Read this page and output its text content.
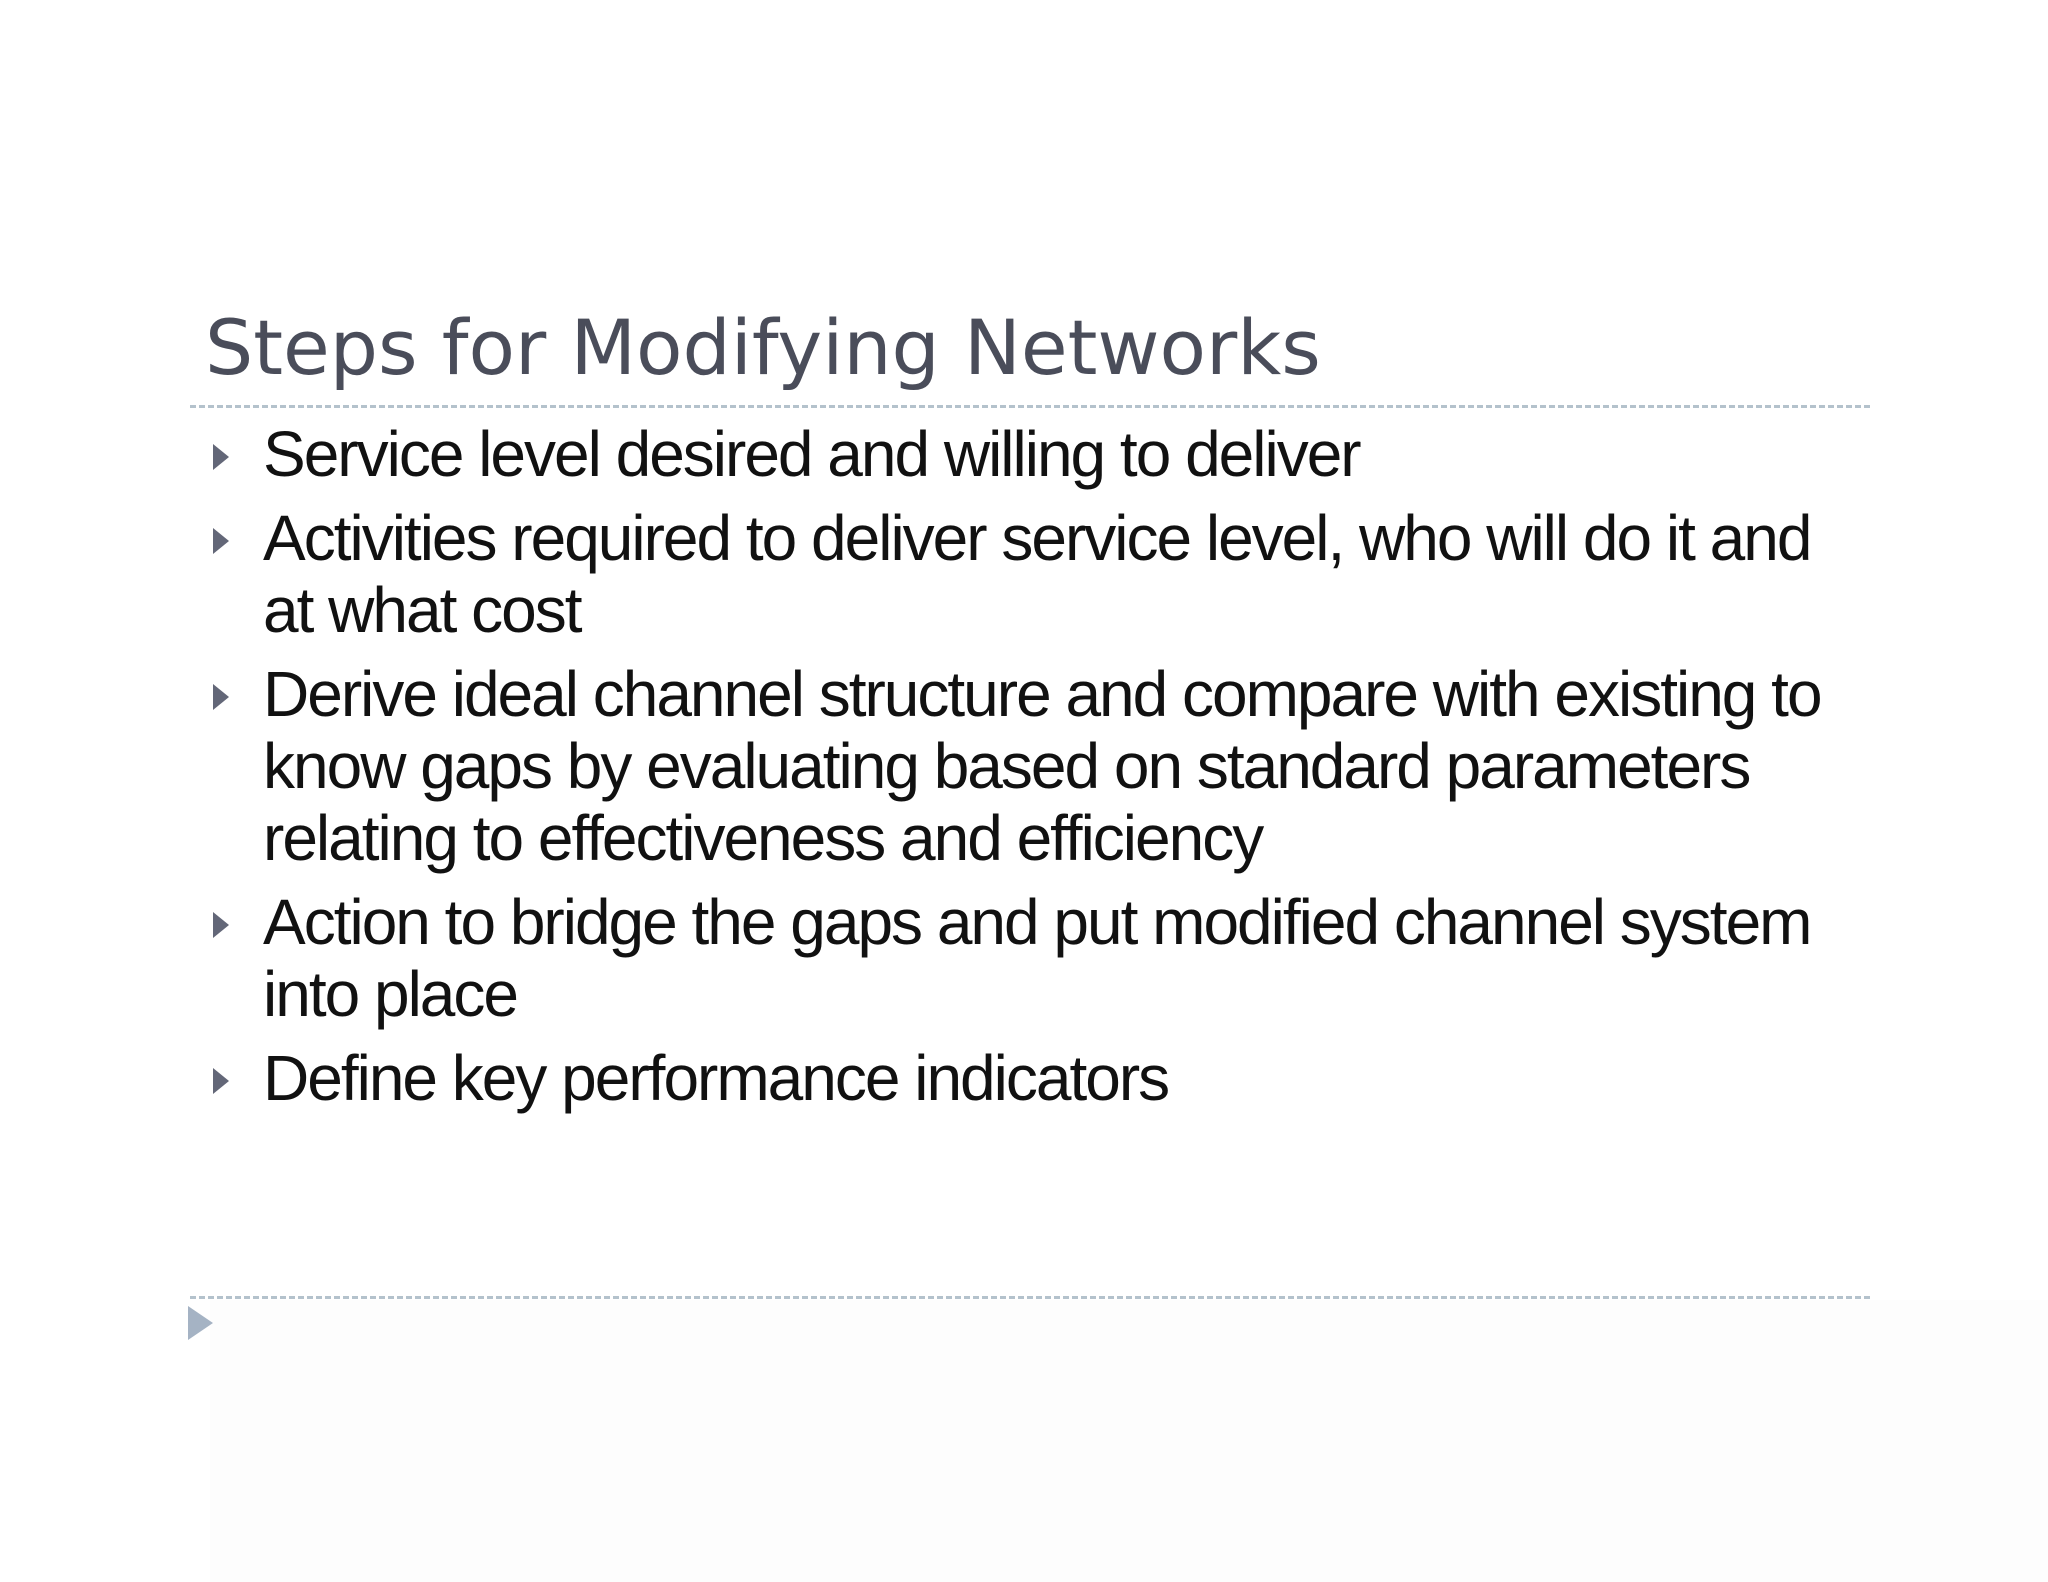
Steps for Modifying Networks
Service level desired and willing to deliver
Activities required to deliver service level, who will do it and at what cost
Derive ideal channel structure and compare with existing to know gaps by evaluating based on standard parameters relating to effectiveness and efficiency
Action to bridge the gaps and put modified channel system into place
Define key performance indicators
